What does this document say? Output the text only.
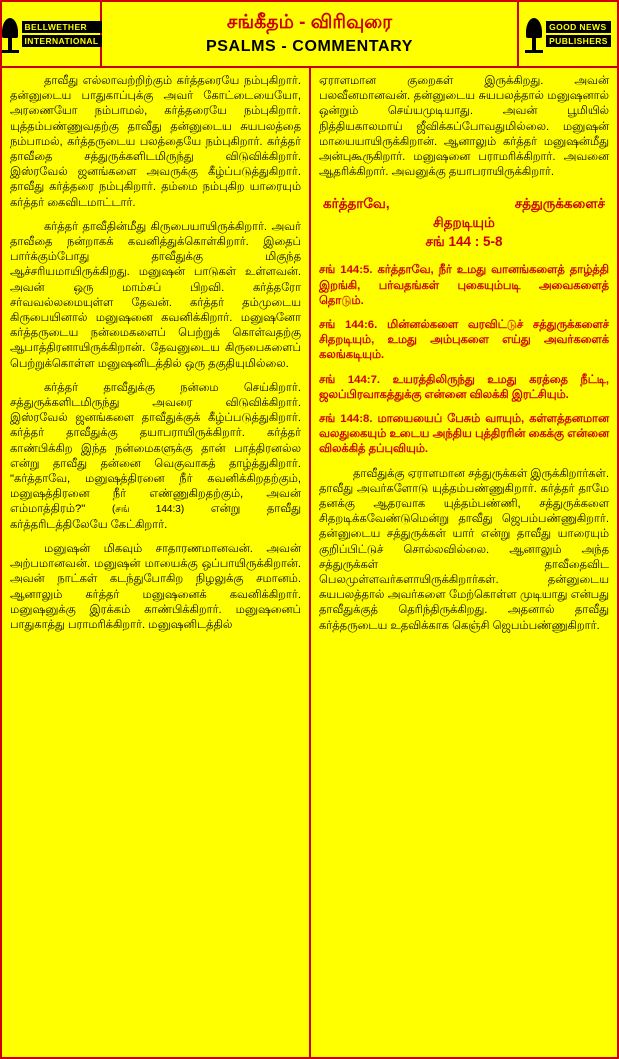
BELLWETHER
INTERNATIONAL
சங்கீதம் - விரிவுரை
PSALMS - COMMENTARY
GOOD NEWS
PUBLISHERS

தாவீது எல்லாவற்றிற்கும் கர்த்தரையே நம்புகிறார். தன்னுடைய பாதுகாப்புக்கு அவர் கோட்டையையோ, அரணையோ நம்பாமல், கர்த்தரையே நம்புகிறார். யுத்தம்பண்ணுவதற்கு தாவீது தன்னுடைய சுயபலத்தை நம்பாமல், கர்த்தருடைய பலத்தையே நம்புகிறார். கர்த்தர் தாவீதை சத்துருக்களிடமிருந்து விடுவிக்கிறார். இஸ்ரவேல் ஜனங்களை அவருக்கு கீழ்ப்படுத்துகிறார். தாவீது கர்த்தரை நம்புகிறார். தம்மை நம்புகிற யாரையும் கர்த்தர் கைவிடமாட்டார்.

கர்த்தர் தாவீதின்மீது கிருபையாயிருக்கிறார். அவர் தாவீதை நன்றாகக் கவனித்துக்கொள்கிறார். இதைப் பார்க்கும்போது தாவீதுக்கு மிகுந்த ஆச்சரியமாயிருக்கிறது. மனுஷன் பாடுகள் உள்ளவன். அவன் ஒரு மாம்சப் பிறவி. கர்த்தரோ சர்வவல்லமையுள்ள தேவன். கர்த்தர் தம்முடைய கிருபையினால் மனுஷனை கவனிக்கிறார். மனுஷனோ கர்த்தருடைய நன்மைகளைப் பெற்றுக் கொள்வதற்கு ஆபாத்திரனாயிருக்கிறான். தேவனுடைய கிருபைகளைப் பெற்றுக்கொள்ள மனுஷனிடத்தில் ஒரு தகுதியுமில்லை.

கர்த்தர் தாவீதுக்கு நன்மை செய்கிறார். சத்துருக்களிடமிருந்து அவரை விடுவிக்கிறார். இஸ்ரவேல் ஜனங்களை தாவீதுக்குக் கீழ்ப்படுத்துகிறார். கர்த்தர் தாவீதுக்கு தயாபராயிருக்கிறார். கர்த்தர் காண்பிக்கிற இந்த நன்மைகளுக்கு தான் பாத்திரனல்ல என்று தாவீது தன்னை வெகுவாகத் தாழ்த்துகிறார். "கர்த்தாவே, மனுஷத்திரனை நீர் கவனிக்கிறதற்கும், மனுஷத்திரனை நீர் எண்ணுகிறதற்கும், அவன் எம்மாத்திரம்?"	(சங் 144:3) என்று தாவீது கர்த்தரிடத்திலேயே கேட்கிறார்.

மனுஷன் மிகவும் சாதாரணமானவன். அவன் அற்பமானவன். மனுஷன் மாயைக்கு ஒப்பாயிருக்கிறான். அவன் நாட்கள் கடந்துபோகிற நிழலுக்கு சமானம். ஆனாலும் கர்த்தர் மனுஷனைக் கவனிக்கிறார். மனுஷனுக்கு இரக்கம் காண்பிக்கிறார். மனுஷனைப் பாதுகாத்து பராமரிக்கிறார். மனுஷனிடத்தில்

ஏராளமான குறைகள் இருக்கிறது. அவன் பலவீனமானவன். தன்னுடைய சுயபலத்தால் மனுஷனால் ஒன்றும் செய்யமுடியாது. அவன் பூமியில் நித்தியகாலமாய் ஜீவிக்கப்போவதுமில்லை. மனுஷன் மாயையாயிருக்கிறான். ஆனாலும் கர்த்தர் மனுஷன்மீது அன்புகூருகிறார். மனுஷனை பராமரிக்கிறார். அவனை ஆதரிக்கிறார். அவனுக்கு தயாபராயிருக்கிறார்.

கர்த்தாவே,	சத்துருக்களைச்
சிதறடியும்
சங் 144 : 5-8

சங் 144:5. கர்த்தாவே, நீர் உமது வானங்களைத் தாழ்த்தி இறங்கி, பர்வதங்கள் புகையும்படி அவைகளைத் தொடும்.

சங் 144:6. மின்னல்களை வரவிட்டுச் சத்துருக்களைச் சிதறடியும், உமது அம்புகளை எய்து அவர்களைக் கலங்கடியும்.

சங் 144:7. உயரத்திலிருந்து உமது கரத்தை நீட்டி, ஜலப்பிரவாகத்துக்கு என்னை விலக்கி இரட்சியும்.

சங் 144:8. மாயையைப் பேசும் வாயும், கள்ளத்தனமான வலதுகையும் உடைய அந்திய புத்திரரின் கைக்கு என்னை விலக்கித் தப்புவியும்.

தாவீதுக்கு ஏராளமான சத்துருக்கள் இருக்கிறார்கள். தாவீது அவர்களோடு யுத்தம்பண்ணுகிறார். கர்த்தர் தாமே தனக்கு ஆதரவாக யுத்தம்பண்ணி, சத்துருக்களை சிதறடிக்கவேண்டுமென்று தாவீது ஜெபம்பண்ணுகிறார். தன்னுடைய சத்துருக்கள் யார் என்று தாவீது யாரையும் குறிப்பிட்டுச் சொல்லவில்லை. ஆனாலும் அந்த சத்துருக்கள் தாவீதைவிட பெலமுள்ளவர்களாயிருக்கிறார்கள். தன்னுடைய சுயபலத்தால் அவர்களை மேற்கொள்ள முடியாது என்பது தாவீதுக்குத் தெரிந்திருக்கிறது. அதனால் தாவீது கர்த்தருடைய உதவிக்காக கெஞ்சி ஜெபம்பண்ணுகிறார்.
